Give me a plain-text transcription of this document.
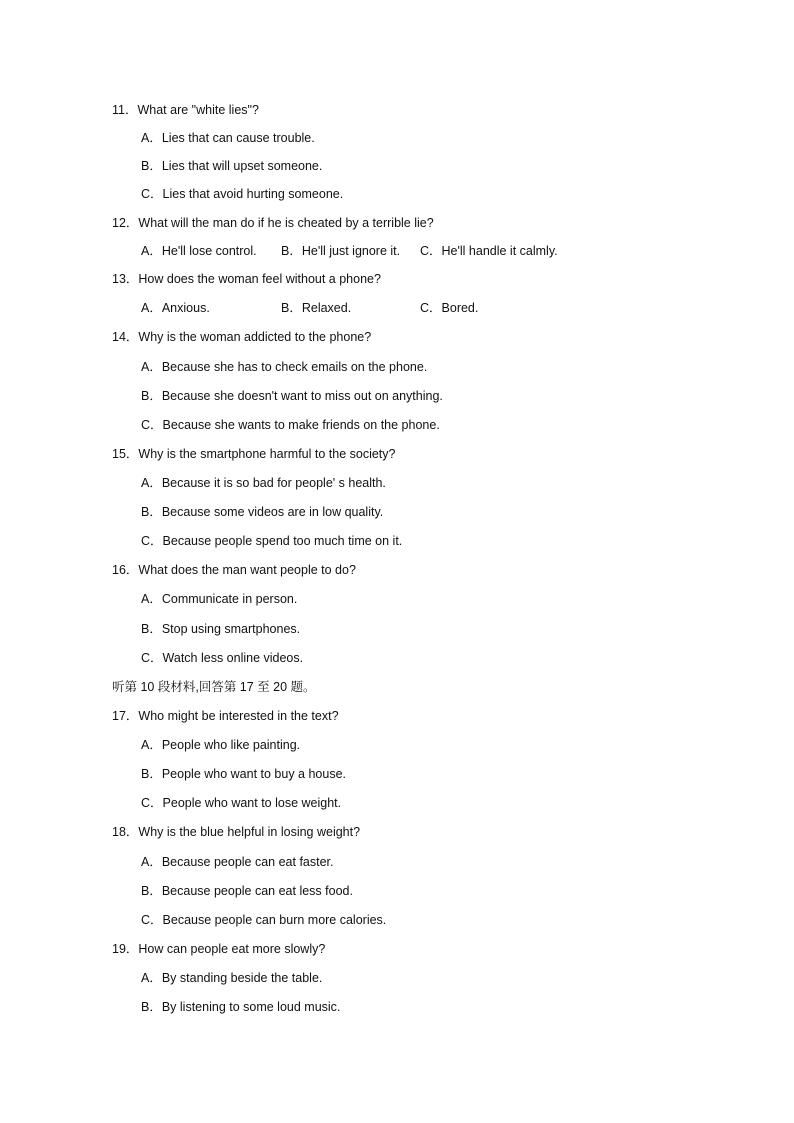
11．What are "white lies"?
A．Lies that can cause trouble.
B．Lies that will upset someone.
C．Lies that avoid hurting someone.
12．What will the man do if he is cheated by a terrible lie?
A．He'll lose control. B．He'll just ignore it. C．He'll handle it calmly.
13．How does the woman feel without a phone?
A．Anxious.	B．Relaxed.	C．Bored.
14．Why is the woman addicted to the phone?
A．Because she has to check emails on the phone.
B．Because she doesn't want to miss out on anything.
C．Because she wants to make friends on the phone.
15．Why is the smartphone harmful to the society?
A．Because it is so bad for people' s health.
B．Because some videos are in low quality.
C．Because people spend too much time on it.
16．What does the man want people to do?
A．Communicate in person.
B．Stop using smartphones.
C．Watch less online videos.
听第 10 段材料,回答第 17 至 20 题。
17．Who might be interested in the text?
A．People who like painting.
B．People who want to buy a house.
C．People who want to lose weight.
18．Why is the blue helpful in losing weight?
A．Because people can eat faster.
B．Because people can eat less food.
C．Because people can burn more calories.
19．How can people eat more slowly?
A．By standing beside the table.
B．By listening to some loud music.
